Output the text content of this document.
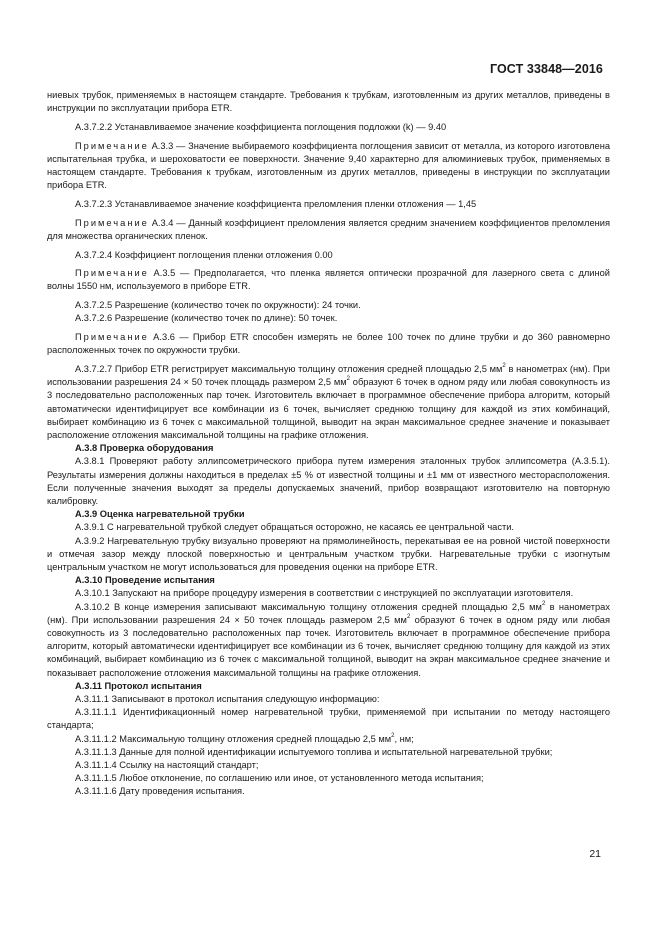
ГОСТ 33848—2016

ниевых трубок, применяемых в настоящем стандарте. Требования к трубкам, изготовленным из других металлов, приведены в инструкции по эксплуатации прибора ETR.

А.3.7.2.2 Устанавливаемое значение коэффициента поглощения подложки (k) — 9.40

Примечание А.3.3 — Значение выбираемого коэффициента поглощения зависит от металла, из которого изготовлена испытательная трубка, и шероховатости ее поверхности. Значение 9,40 характерно для алюминиевых трубок, применяемых в настоящем стандарте. Требования к трубкам, изготовленным из других металлов, приведены в инструкции по эксплуатации прибора ETR.

А.3.7.2.3 Устанавливаемое значение коэффициента преломления пленки отложения — 1,45

Примечание А.3.4 — Данный коэффициент преломления является средним значением коэффициентов преломления для множества органических пленок.

А.3.7.2.4 Коэффициент поглощения пленки отложения 0.00

Примечание А.3.5 — Предполагается, что пленка является оптически прозрачной для лазерного света с длиной волны 1550 нм, используемого в приборе ETR.

А.3.7.2.5 Разрешение (количество точек по окружности): 24 точки.

А.3.7.2.6 Разрешение (количество точек по длине): 50 точек.

Примечание А.3.6 — Прибор ETR способен измерять не более 100 точек по длине трубки и до 360 равномерно расположенных точек по окружности трубки.

А.3.7.2.7 Прибор ETR регистрирует максимальную толщину отложения средней площадью 2,5 $мм^2$ в нанометрах (нм). При использовании разрешения 24 × 50 точек площадь размером 2,5 $мм^2$ образуют 6 точек в одном ряду или любая совокупность из 3 последовательно расположенных пар точек. Изготовитель включает в программное обеспечение прибора алгоритм, который автоматически идентифицирует все комбинации из 6 точек, вычисляет среднюю толщину для каждой из этих комбинаций, выбирает комбинацию из 6 точек с максимальной толщиной, выводит на экран максимальное среднее значение и показывает расположение отложения максимальной толщины на графике отложения.

А.3.8 Проверка оборудования

А.3.8.1 Проверяют работу эллипсометрического прибора путем измерения эталонных трубок эллипсометра (А.3.5.1). Результаты измерения должны находиться в пределах ±5 % от известной толщины и ±1 мм от известного месторасположения. Если полученные значения выходят за пределы допускаемых значений, прибор возвращают изготовителю на повторную калибровку.

А.3.9 Оценка нагревательной трубки

А.3.9.1 С нагревательной трубкой следует обращаться осторожно, не касаясь ее центральной части.

А.3.9.2 Нагревательную трубку визуально проверяют на прямолинейность, перекатывая ее на ровной чистой поверхности и отмечая зазор между плоской поверхностью и центральным участком трубки. Нагревательные трубки с изогнутым центральным участком не могут использоваться для проведения оценки на приборе ETR.

А.3.10 Проведение испытания

А.3.10.1 Запускают на приборе процедуру измерения в соответствии с инструкцией по эксплуатации изготовителя.

А.3.10.2 В конце измерения записывают максимальную толщину отложения средней площадью 2,5 $мм^2$ в нанометрах (нм). При использовании разрешения 24 × 50 точек площадь размером 2,5 $мм^2$ образуют 6 точек в одном ряду или любая совокупность из 3 последовательно расположенных пар точек. Изготовитель включает в программное обеспечение прибора алгоритм, который автоматически идентифицирует все комбинации из 6 точек, вычисляет среднюю толщину для каждой из этих комбинаций, выбирает комбинацию из 6 точек с максимальной толщиной, выводит на экран максимальное среднее значение и показывает расположение отложения максимальной толщины на графике отложения.

А.3.11 Протокол испытания

А.3.11.1 Записывают в протокол испытания следующую информацию:

А.3.11.1.1 Идентификационный номер нагревательной трубки, применяемой при испытании по методу настоящего стандарта;

А.3.11.1.2 Максимальную толщину отложения средней площадью 2,5 $мм^2$, нм;

А.3.11.1.3 Данные для полной идентификации испытуемого топлива и испытательной нагревательной трубки;

А.3.11.1.4 Ссылку на настоящий стандарт;

А.3.11.1.5 Любое отклонение, по соглашению или иное, от установленного метода испытания;

А.3.11.1.6 Дату проведения испытания.

21
